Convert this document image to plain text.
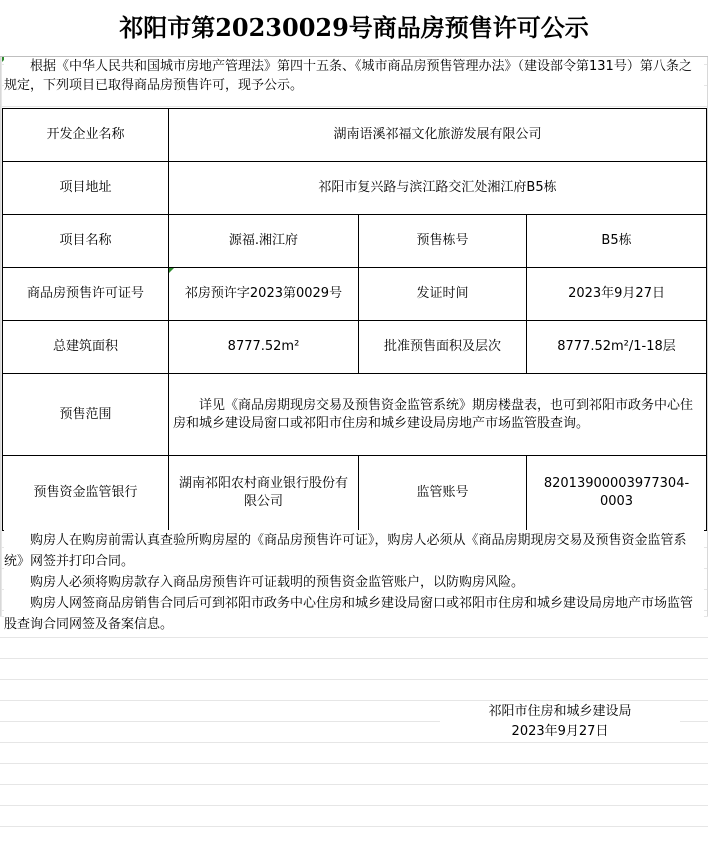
祁阳市第20230029号商品房预售许可公示

根据《中华人民共和国城市房地产管理法》第四十五条、《城市商品房预售管理办法》（建设部令第131号）第八条之规定，下列项目已取得商品房预售许可，现予公示。

开发企业名称	湖南语溪祁福文化旅游发展有限公司		
项目地址	祁阳市复兴路与滨江路交汇处湘江府B5栋		
项目名称	源福.湘江府	预售栋号	B5栋
商品房预售许可证号	祁房预许字2023第0029号	发证时间	2023年9月27日
总建筑面积	8777.52m²	批准预售面积及层次	8777.52m²/1-18层
预售范围	详见《商品房期现房交易及预售资金监管系统》期房楼盘表，也可到祁阳市政务中心住房和城乡建设局窗口或祁阳市住房和城乡建设局房地产市场监管股查询。		
预售资金监管银行	湖南祁阳农村商业银行股份有限公司	监管账号	82013900003977304-0003

购房人在购房前需认真查验所购房屋的《商品房预售许可证》，购房人必须从《商品房期现房交易及预售资金监管系统》网签并打印合同。

购房人必须将购房款存入商品房预售许可证载明的预售资金监管账户，以防购房风险。

购房人网签商品房销售合同后可到祁阳市政务中心住房和城乡建设局窗口或祁阳市住房和城乡建设局房地产市场监管股查询合同网签及备案信息。

祁阳市住房和城乡建设局
2023年9月27日
